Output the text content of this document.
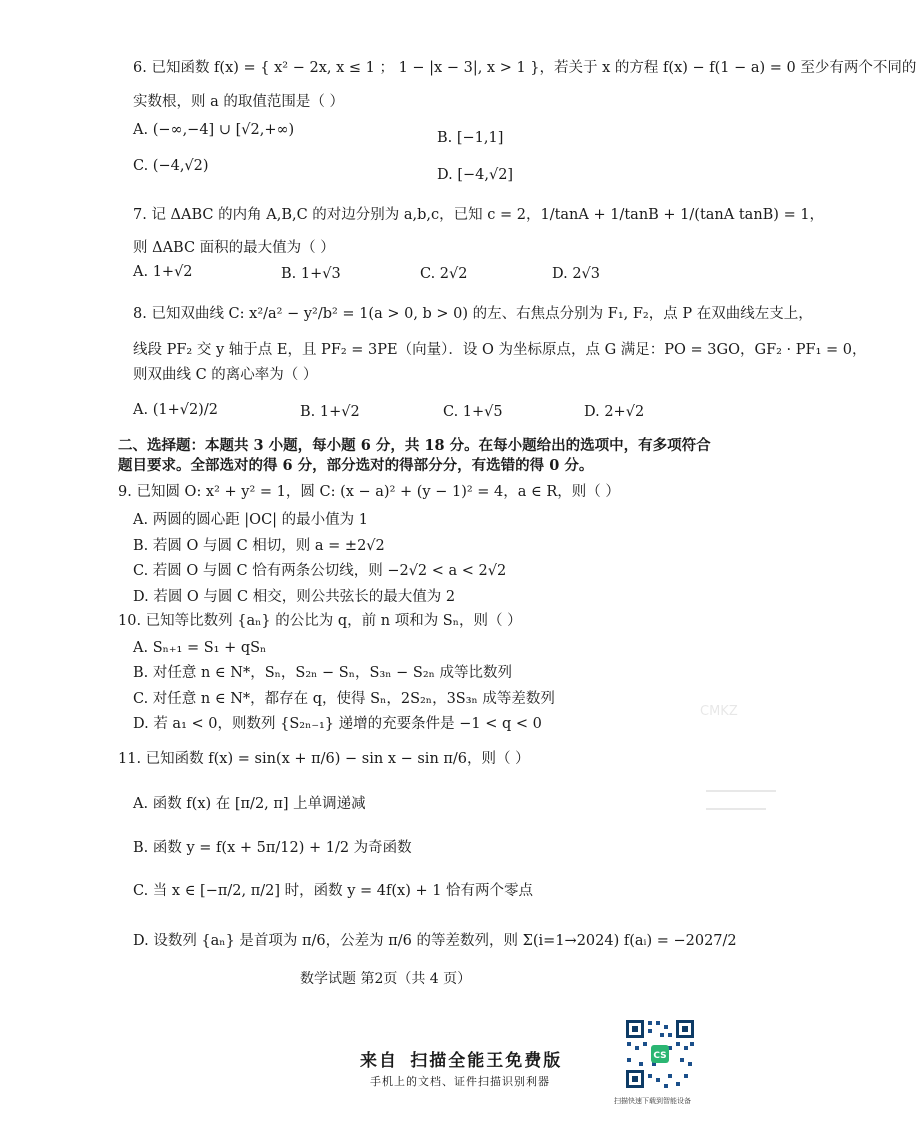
6. 已知函数 f(x) = { x² − 2x, x ≤ 1 ； 1 − |x − 3|, x > 1 }，若关于 x 的方程 f(x) − f(1 − a) = 0 至少有两个不同的
实数根，则 a 的取值范围是（ ）
A. (−∞,−4] ∪ [√2,+∞)	B. [−1,1]
C. (−4,√2)
D. [−4,√2]
7. 记 ΔABC 的内角 A,B,C 的对边分别为 a,b,c，已知 c = 2，1/tanA + 1/tanB + 1/(tanA tanB) = 1，
则 ΔABC 面积的最大值为（ ）
A. 1+√2	B. 1+√3	C. 2√2	D. 2√3
8. 已知双曲线 C: x²/a² − y²/b² = 1(a > 0, b > 0) 的左、右焦点分别为 F₁, F₂，点 P 在双曲线左支上，
线段 PF₂ 交 y 轴于点 E，且 PF₂ = 3PE（向量）．设 O 为坐标原点，点 G 满足：PO = 3GO，GF₂ · PF₁ = 0，
则双曲线 C 的离心率为（ ）
A. (1+√2)/2	B. 1+√2	C. 1+√5	D. 2+√2
二、选择题：本题共 3 小题，每小题 6 分，共 18 分。在每小题给出的选项中，有多项符合
题目要求。全部选对的得 6 分，部分选对的得部分分，有选错的得 0 分。
9. 已知圆 O: x² + y² = 1，圆 C: (x − a)² + (y − 1)² = 4，a ∈ R，则（ ）
A. 两圆的圆心距 |OC| 的最小值为 1
B. 若圆 O 与圆 C 相切，则 a = ±2√2
C. 若圆 O 与圆 C 恰有两条公切线，则 −2√2 < a < 2√2
D. 若圆 O 与圆 C 相交，则公共弦长的最大值为 2
10. 已知等比数列 {aₙ} 的公比为 q，前 n 项和为 Sₙ，则（ ）
A. Sₙ₊₁ = S₁ + qSₙ
B. 对任意 n ∈ N*，Sₙ，S₂ₙ − Sₙ，S₃ₙ − S₂ₙ 成等比数列
C. 对任意 n ∈ N*，都存在 q，使得 Sₙ，2S₂ₙ，3S₃ₙ 成等差数列
D. 若 a₁ < 0，则数列 {S₂ₙ₋₁} 递增的充要条件是 −1 < q < 0
11. 已知函数 f(x) = sin(x + π/6) − sin x − sin π/6，则（ ）
A. 函数 f(x) 在 [π/2, π] 上单调递减
B. 函数 y = f(x + 5π/12) + 1/2 为奇函数
C. 当 x ∈ [−π/2, π/2] 时，函数 y = 4f(x) + 1 恰有两个零点
D. 设数列 {aₙ} 是首项为 π/6，公差为 π/6 的等差数列，则 Σ(i=1→2024) f(aᵢ) = −2027/2
数学试题 第2页（共 4 页）
CMKZ
来自 扫描全能王免费版
手机上的文档、证件扫描识别利器
CS
扫描快速下载到智能设备
